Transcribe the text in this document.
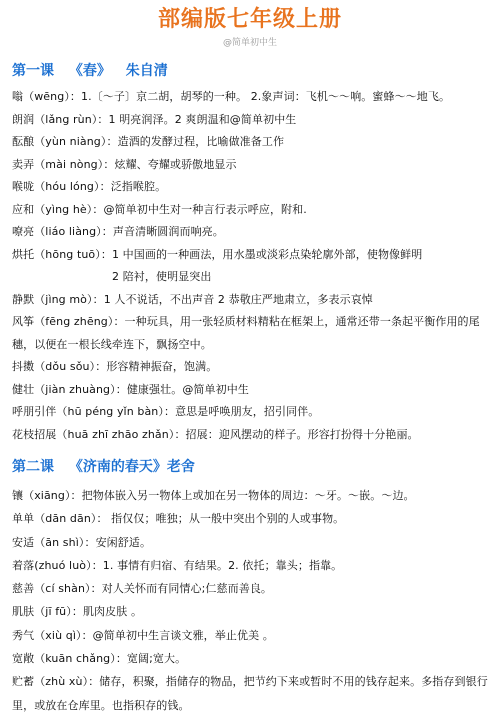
部编版七年级上册
@简单初中生
第一课 《春》 朱自清
嗡（wēng）：1.〔～子〕京二胡，胡琴的一种。 2.象声词：飞机～～响。蜜蜂～～地飞。
朗润（lǎng rùn）：1 明亮润泽。2 爽朗温和@简单初中生
酝酿（yùn niàng）：造酒的发酵过程，比喻做准备工作
卖弄（mài nòng）：炫耀、夸耀或骄傲地显示
喉咙（hóu lóng）：泛指喉腔。
应和（yìng hè）：@简单初中生对一种言行表示呼应，附和.
嘹亮（liáo liàng）：声音清晰圆润而响亮。
烘托（hōng tuō）：1 中国画的一种画法，用水墨或淡彩点染轮廓外部，使物像鲜明
2 陪衬，使明显突出
静默（jìng mò）：1 人不说话，不出声音 2 恭敬庄严地肃立，多表示哀悼
风筝（fēng zhēng）：一种玩具，用一张轻质材料精粘在框架上，通常还带一条起平衡作用的尾穗，以便在一根长线牵连下，飘扬空中。
抖擞（dǒu sǒu）：形容精神振奋，饱满。
健壮（jiàn zhuàng）：健康强壮。@简单初中生
呼朋引伴（hū péng yǐn bàn）：意思是呼唤朋友，招引同伴。
花枝招展（huā zhī zhāo zhǎn）：招展：迎风摆动的样子。形容打扮得十分艳丽。
第二课 《济南的春天》老舍
镶（xiāng）：把物体嵌入另一物体上或加在另一物体的周边：～牙。～嵌。～边。
单单（dān dān）： 指仅仅；唯独；从一般中突出个别的人或事物。
安适（ān shì）：安闲舒适。
着落(zhuó luò）：1. 事情有归宿、有结果。2. 依托；靠头；指靠。
慈善（cí shàn）：对人关怀而有同情心;仁慈而善良。
肌肤（jī fū）：肌肉皮肤 。
秀气（xiù qì）：@简单初中生言谈文雅，举止优美 。
宽敞（kuān chǎng）：宽阔;宽大。
贮蓄（zhù xù）：储存，积聚，指储存的物品，把节约下来或暂时不用的钱存起来。多指存到银行里，或放在仓库里。也指积存的钱。
